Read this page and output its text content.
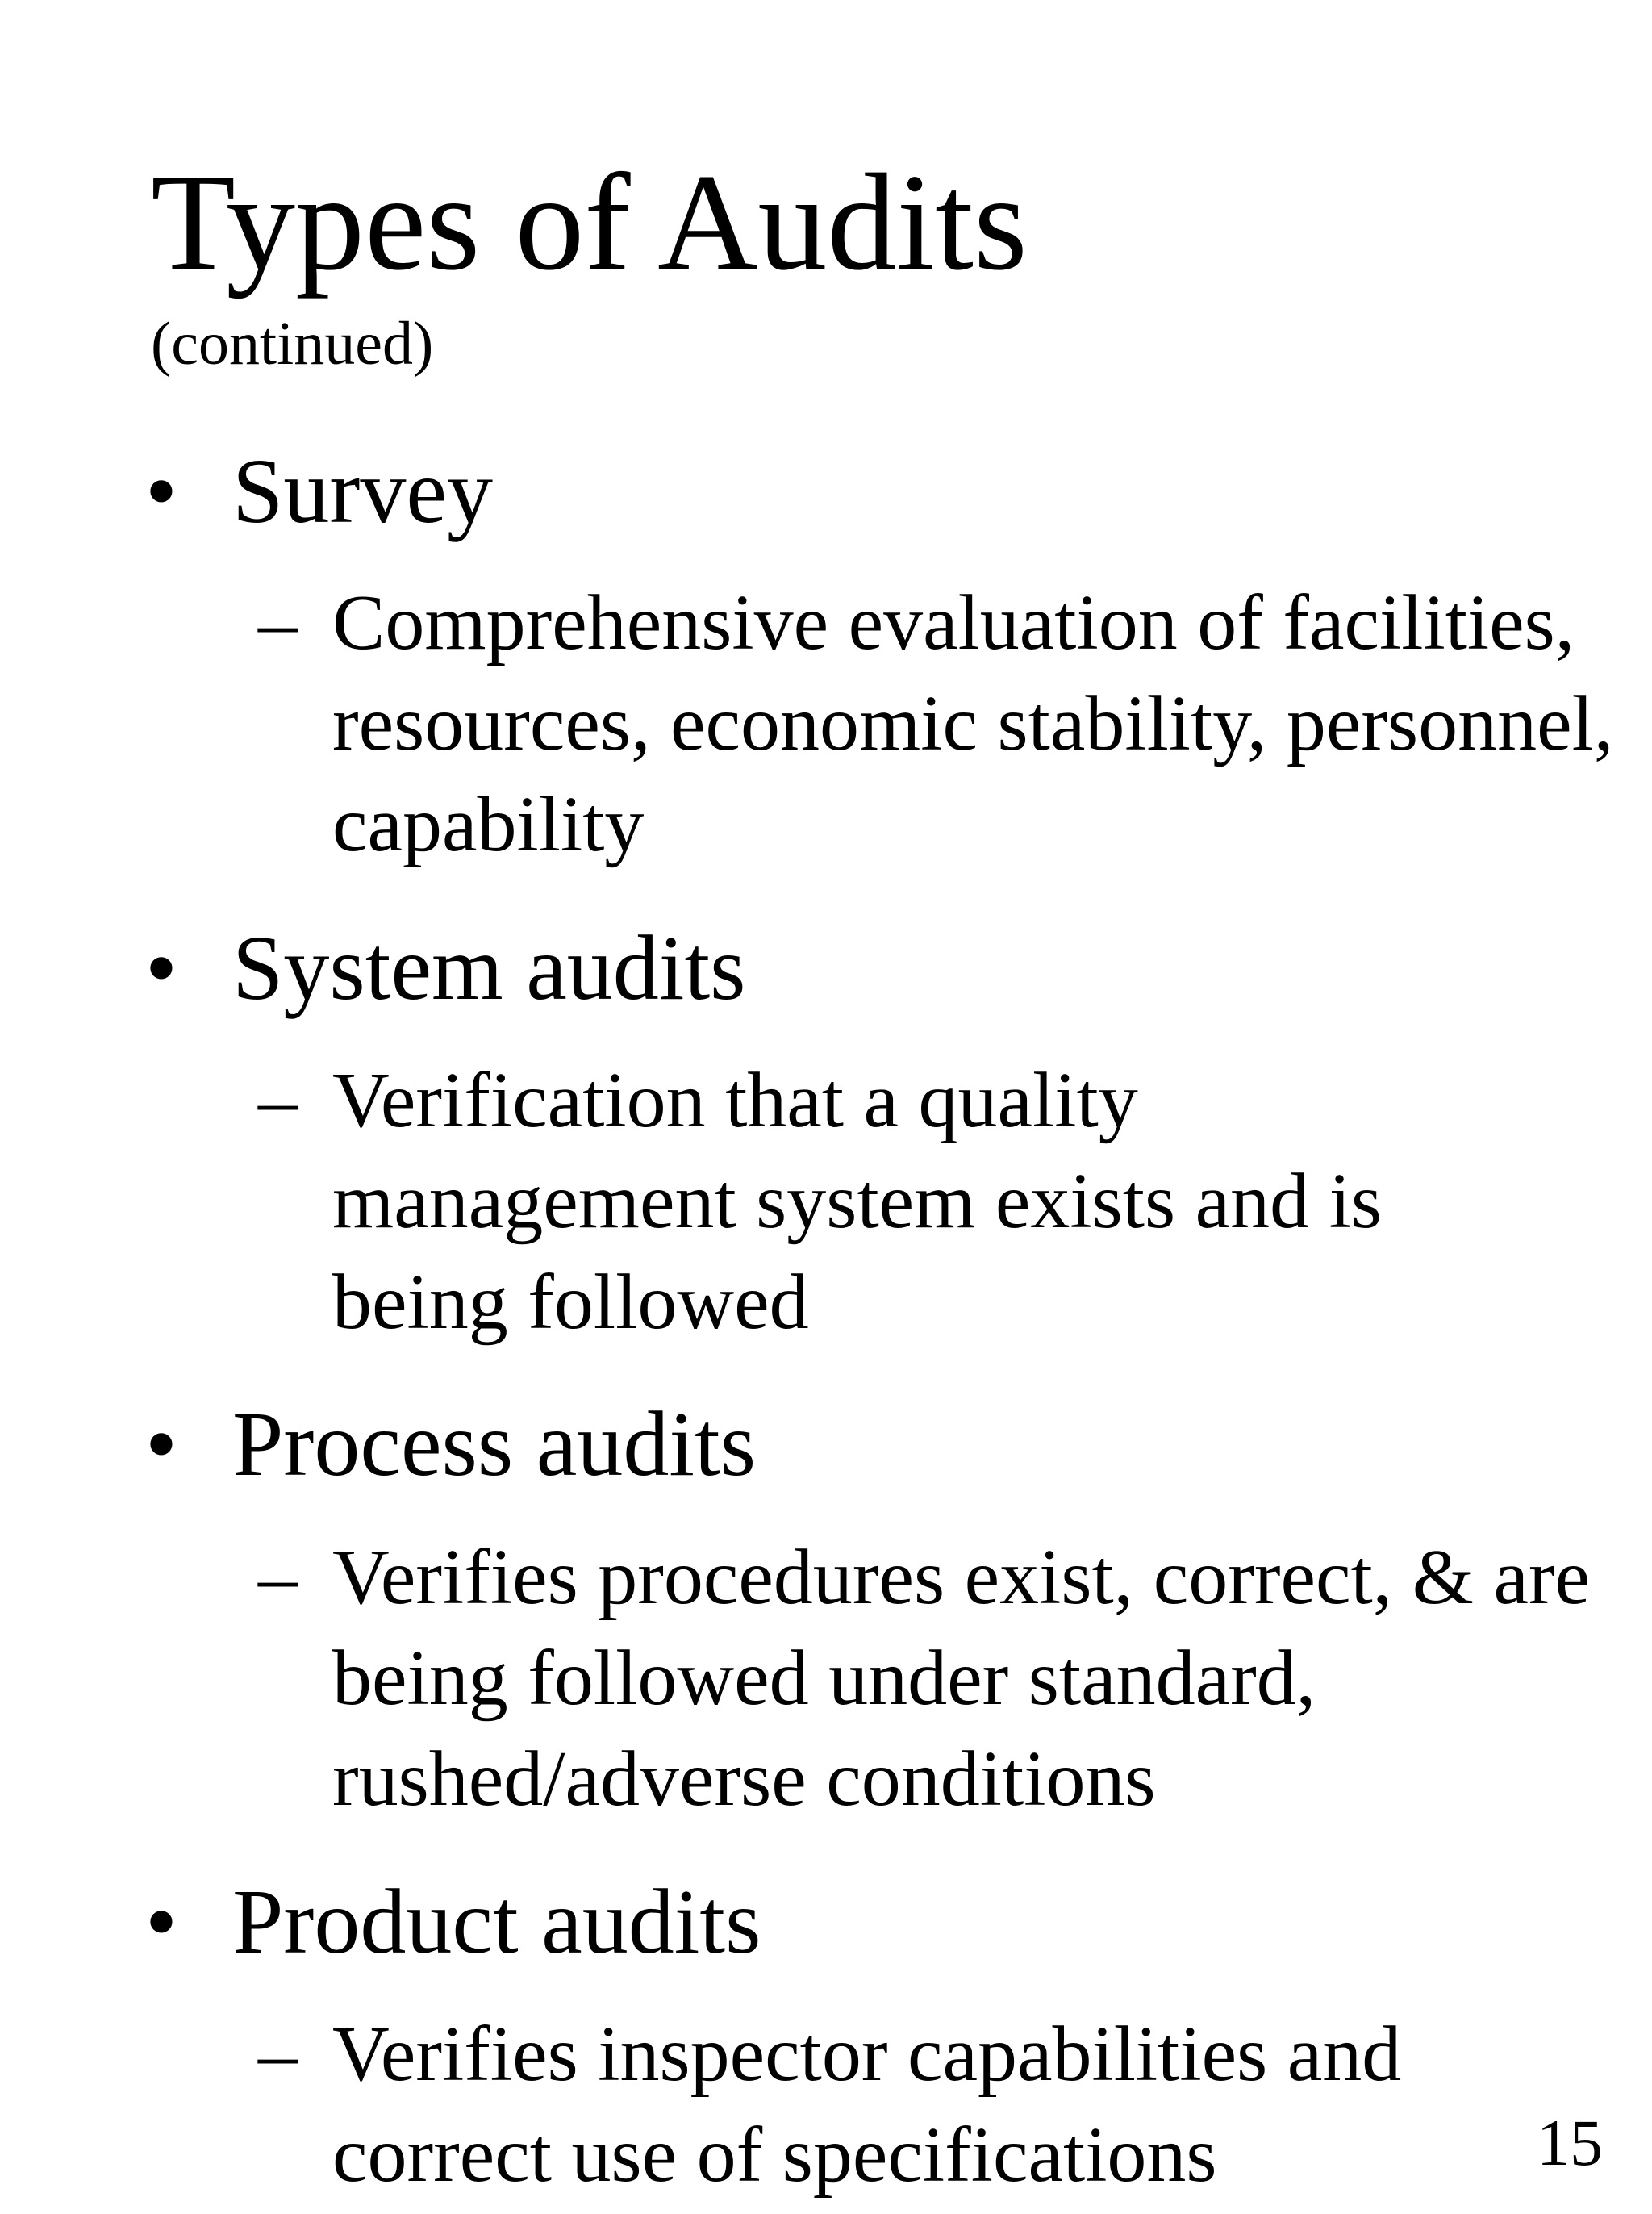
Types of Audits
(continued)
• Survey
– Comprehensive evaluation of facilities, resources, economic stability, personnel, capability
• System audits
– Verification that a quality management system exists and is being followed
• Process audits
– Verifies procedures exist, correct, & are being followed under standard, rushed/adverse conditions
• Product audits
– Verifies inspector capabilities and correct use of specifications	15
